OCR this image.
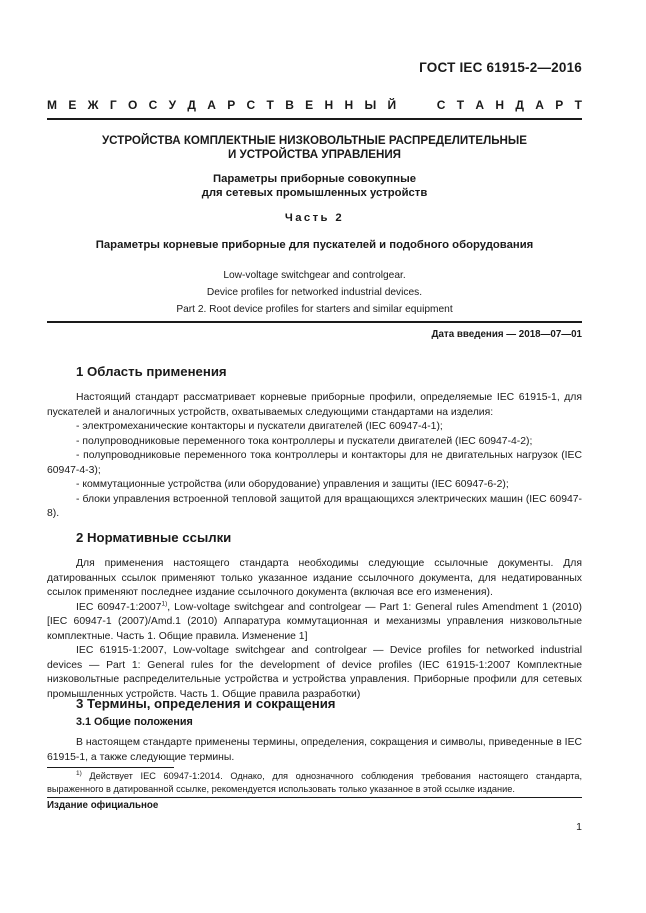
ГОСТ IEC 61915-2—2016
М Е Ж Г О С У Д А Р С Т В Е Н Н Ы Й

	С Т А Н Д А Р Т
УСТРОЙСТВА КОМПЛЕКТНЫЕ НИЗКОВОЛЬТНЫЕ РАСПРЕДЕЛИТЕЛЬНЫЕ
И УСТРОЙСТВА УПРАВЛЕНИЯ
Параметры приборные совокупные
для сетевых промышленных устройств
Часть 2
Параметры корневые приборные для пускателей и подобного оборудования
Low-voltage switchgear and controlgear.
Device profiles for networked industrial devices.
Part 2. Root device profiles for starters and similar equipment
Дата введения — 2018—07—01
1 Область применения

Настоящий стандарт рассматривает корневые приборные профили, определяемые IEC 61915-1, для пускателей и аналогичных устройств, охватываемых следующими стандартами на изделия:

- электромеханические контакторы и пускатели двигателей (IEC 60947-4-1);

- полупроводниковые переменного тока контроллеры и пускатели двигателей (IEC 60947-4-2);

- полупроводниковые переменного тока контроллеры и контакторы для не двигательных нагрузок (IEC 60947-4-3);

- коммутационные устройства (или оборудование) управления и защиты (IEC 60947-6-2);

- блоки управления встроенной тепловой защитой для вращающихся электрических машин (IEC 60947-8).

2 Нормативные ссылки

Для применения настоящего стандарта необходимы следующие ссылочные документы. Для датированных ссылок применяют только указанное издание ссылочного документа, для недатированных ссылок применяют последнее издание ссылочного документа (включая все его изменения).

IEC 60947-1:2007$^{1)}$, Low-voltage switchgear and controlgear — Part 1: General rules Amendment 1 (2010) [IEC 60947-1 (2007)/Amd.1 (2010) Аппаратура коммутационная и механизмы управления низковольтные комплектные. Часть 1. Общие правила. Изменение 1]

IEC 61915-1:2007, Low-voltage switchgear and controlgear — Device profiles for networked industrial devices — Part 1: General rules for the development of device profiles (IEC 61915-1:2007 Комплектные низковольтные распределительные устройства и устройства управления. Приборные профили для сетевых промышленных устройств. Часть 1. Общие правила разработки)

3 Термины, определения и сокращения
3.1 Общие положения

В настоящем стандарте применены термины, определения, сокращения и символы, приведенные в IEC 61915-1, а также следующие термины.

$^{1)}$ Действует IEC 60947-1:2014. Однако, для однозначного соблюдения требования настоящего стандарта, выраженного в датированной ссылке, рекомендуется использовать только указанное в этой ссылке издание.

Издание официальное
1
